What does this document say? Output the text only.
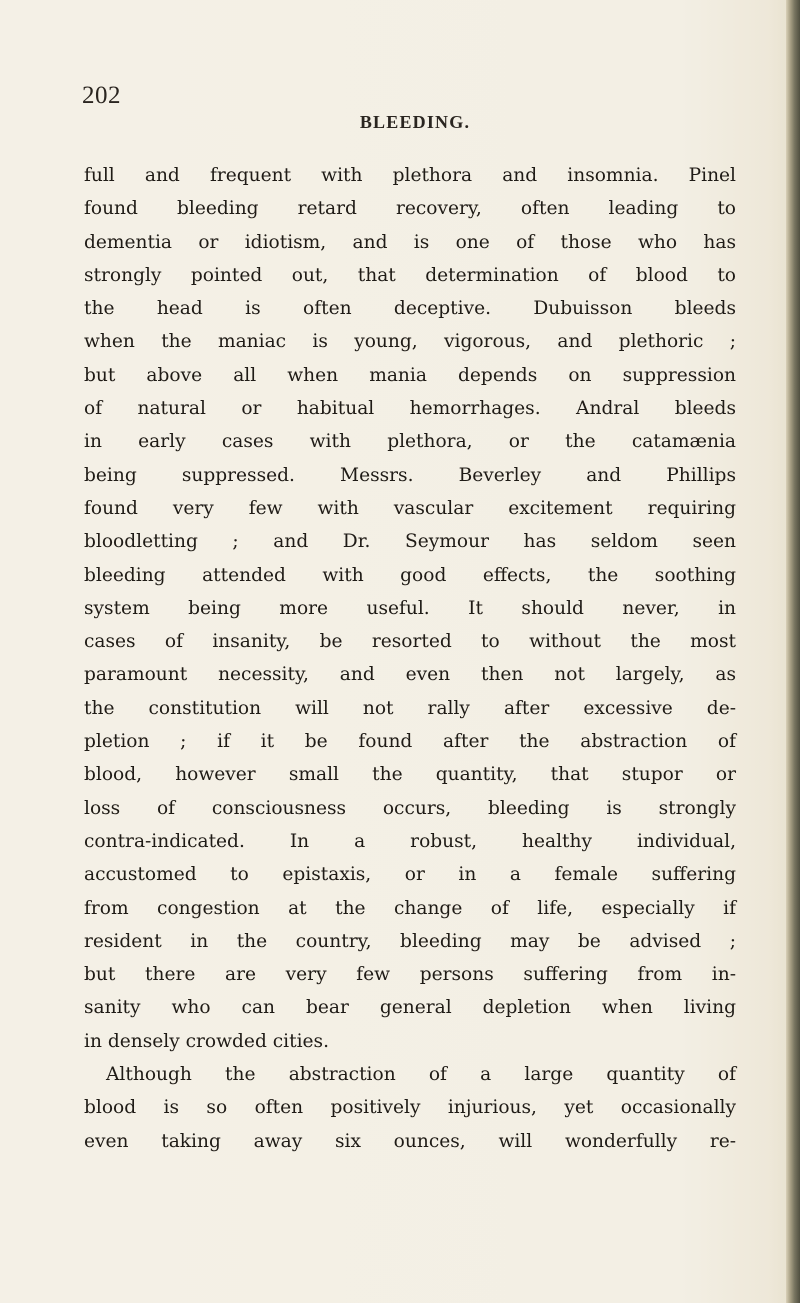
202
BLEEDING.
full and frequent with plethora and insomnia. Pinel
found bleeding retard recovery, often leading to
dementia or idiotism, and is one of those who has
strongly pointed out, that determination of blood to
the head is often deceptive. Dubuisson bleeds
when the maniac is young, vigorous, and plethoric ;
but above all when mania depends on suppression
of natural or habitual hemorrhages. Andral bleeds
in early cases with plethora, or the catamænia
being suppressed. Messrs. Beverley and Phillips
found very few with vascular excitement requiring
bloodletting ; and Dr. Seymour has seldom seen
bleeding attended with good effects, the soothing
system being more useful. It should never, in
cases of insanity, be resorted to without the most
paramount necessity, and even then not largely, as
the constitution will not rally after excessive de-
pletion ; if it be found after the abstraction of
blood, however small the quantity, that stupor or
loss of consciousness occurs, bleeding is strongly
contra-indicated. In a robust, healthy individual,
accustomed to epistaxis, or in a female suffering
from congestion at the change of life, especially if
resident in the country, bleeding may be advised ;
but there are very few persons suffering from in-
sanity who can bear general depletion when living
in densely crowded cities.
Although the abstraction of a large quantity of
blood is so often positively injurious, yet occasionally
even taking away six ounces, will wonderfully re-
